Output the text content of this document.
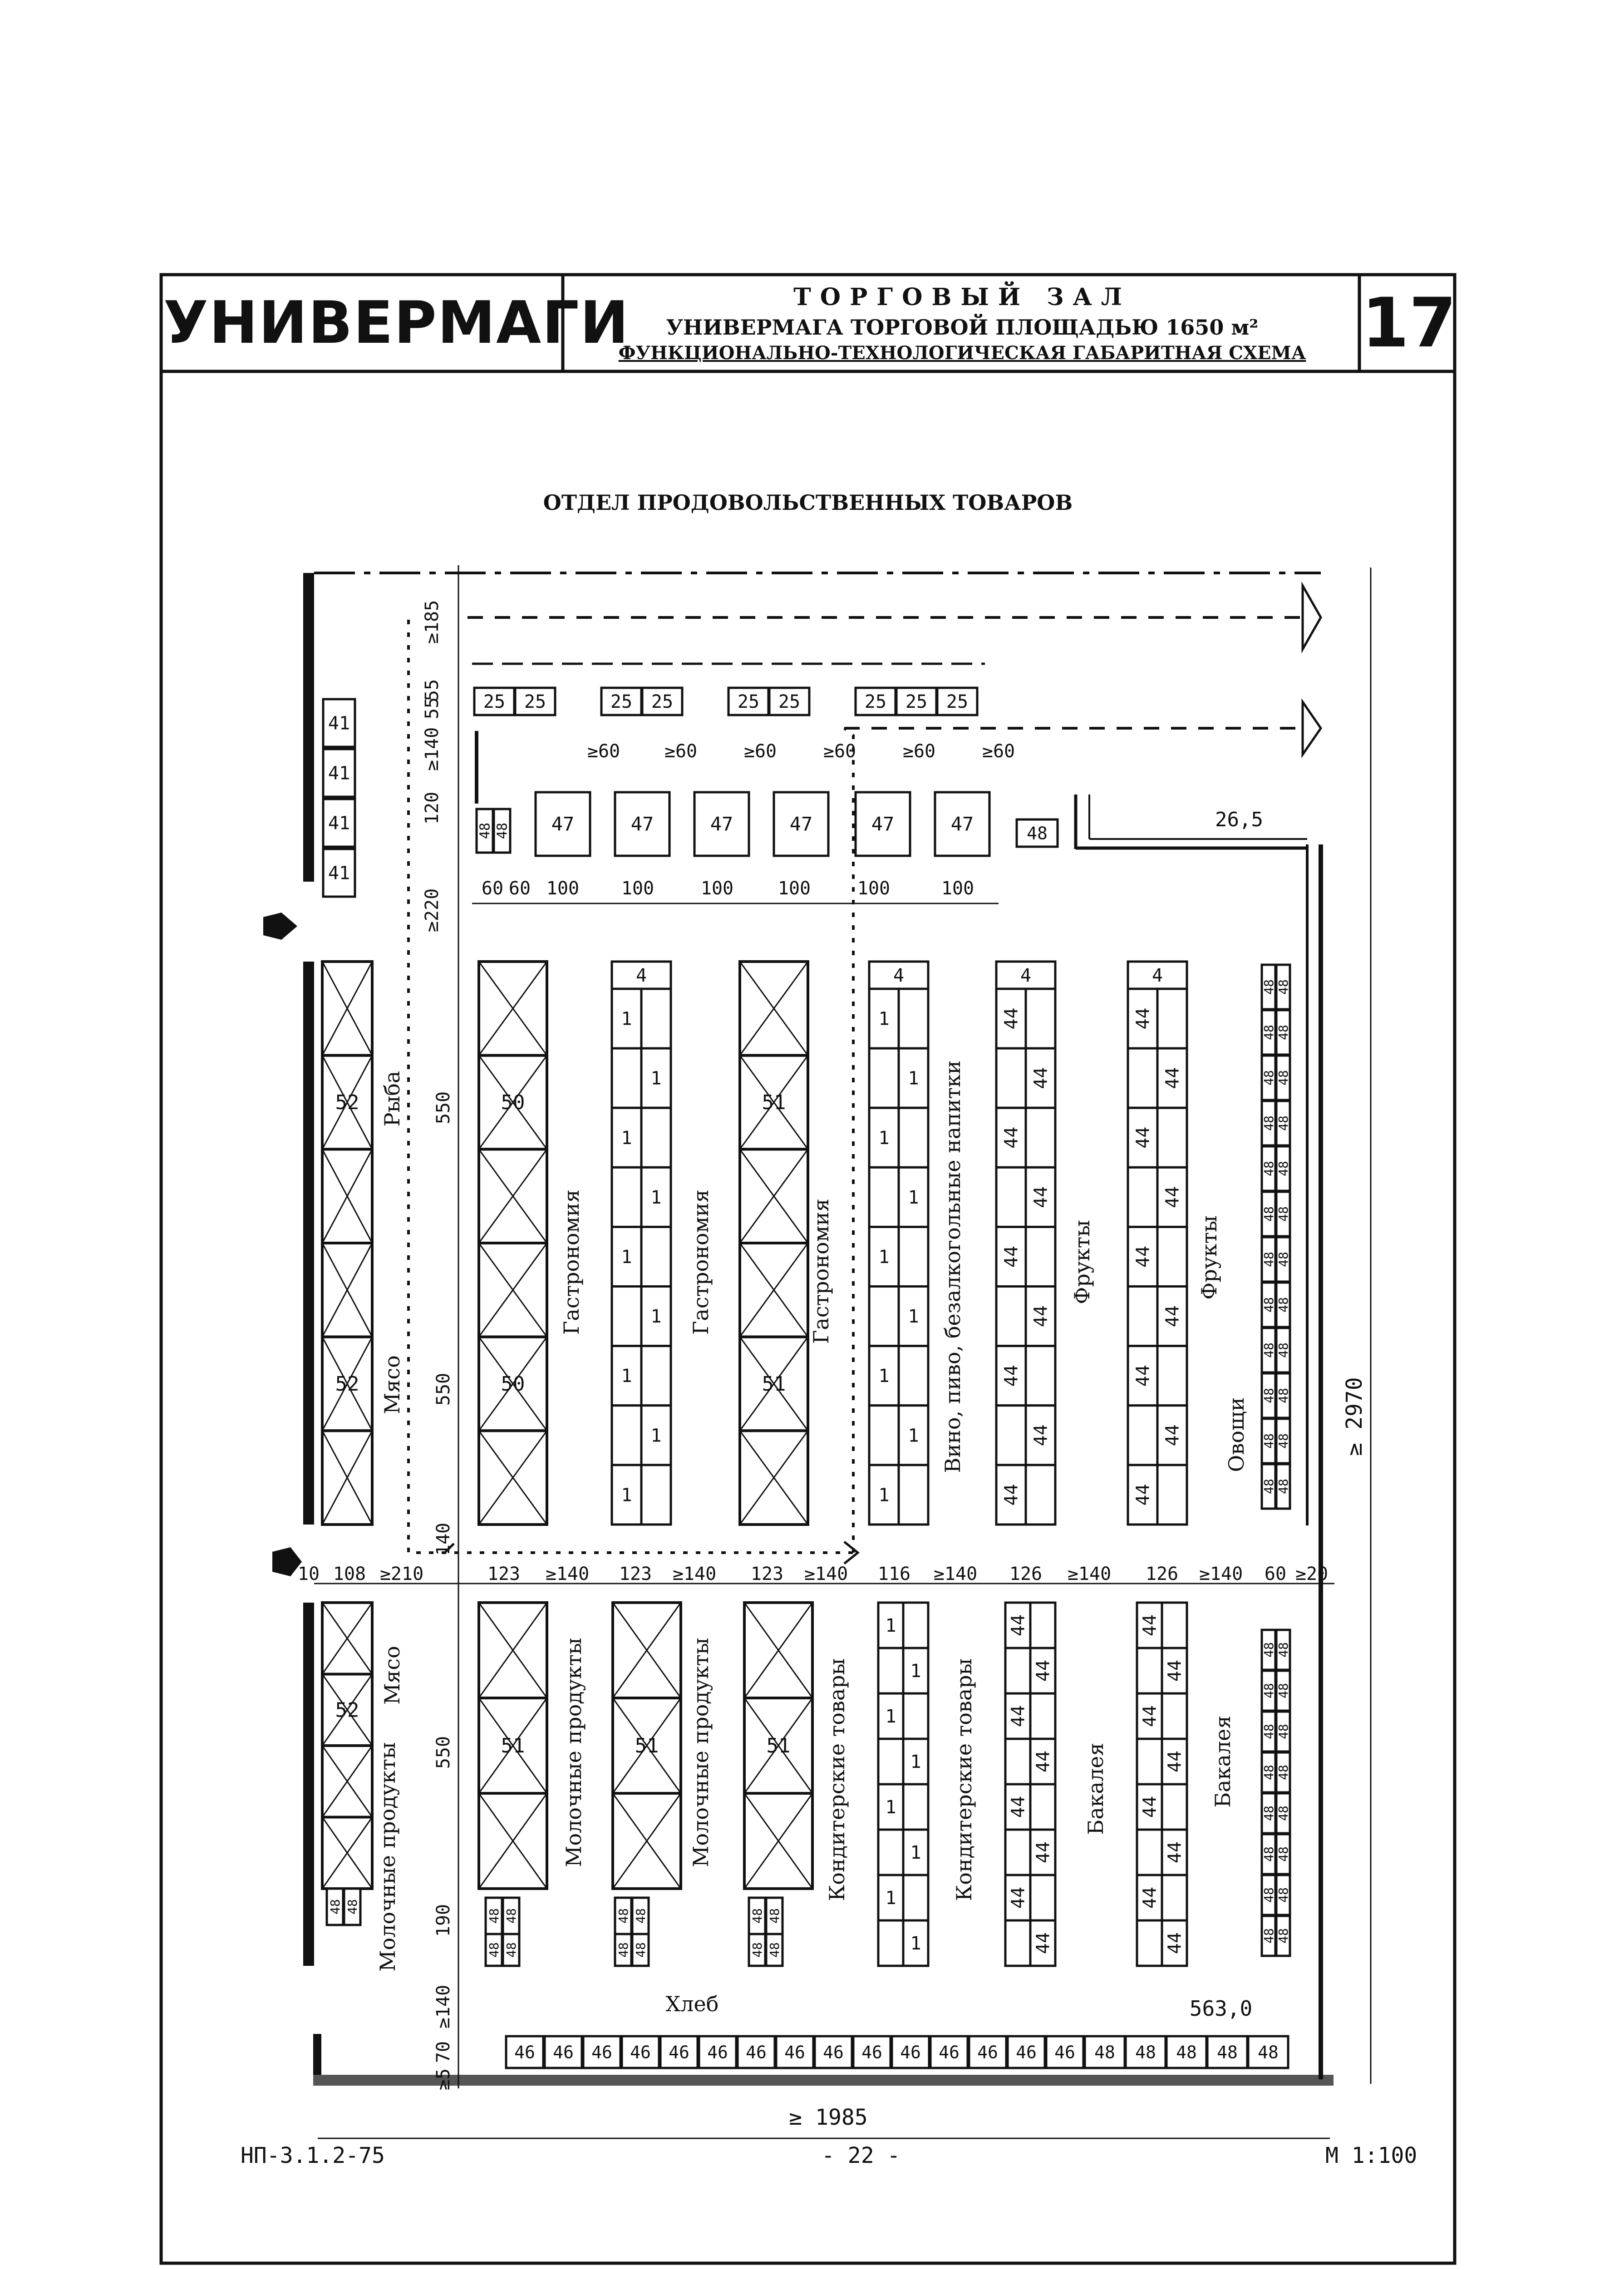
52
52
50
50
51
51
52
51	51	51
41
41
41
41
25 25	25 25	25 25	25 25 25
48 48 47	47	47	47	47	47	48
4
1
1
1
1
1
1
1
1
1
4
1
1
1
1
1
1
1
1
1
4
44
44
44
44
44
44
44
44
44
4
44
44
44
44
44
44
44
44
44
48
48
48
48
48
48
48
48
48
48
48
48
48
48
48
48
48
48
48
48
48
48
48
48
48 48
48 48
48 48
48 48
48 48
48 48
48 48
1
1
1
1
1
1
1
1
44
44
44
44
44
44
44
44
44
44
44
44
44
44
44
44
48
48
48
48
48
48
48
48
48
48
48
48
48
48
48
48
46 46 46 46 46 46 46 46 46 46 46 46 46 46 46 48 48 48 48 48
≥60 ≥60	≥60	≥60	≥60	≥60
26,5
60 60 100 100	100 100	100	100
Рыба
Мясо
Гастрономия	Гастрономия	Гастрономия	Вино, пиво, безалкогольные напитки	Фрукты	Фрукты
Овощи
Мясо
Молочные продукты	Молочные продукты	Молочные продукты	Кондитерские товары	Кондитерские товары	Бакалея	Бакалея
Хлеб
≥185
55
55
≥140
120
≥220
550
550
140
550
190
≥140
70
≥5
10 108 ≥210	123 ≥140 123 ≥140 123 ≥140 116 ≥140 126 ≥140 126 ≥140 60 ≥20
≥ 1985
≥ 2970
563,0
УНИВЕРМАГИ	ТОРГОВЫЙ ЗАЛ
УНИВЕРМАГА ТОРГОВОЙ ПЛОЩАДЬЮ 1650 м²
ФУНКЦИОНАЛЬНО-ТЕХНОЛОГИЧЕСКАЯ ГАБАРИТНАЯ СХЕМА 17
ОТДЕЛ ПРОДОВОЛЬСТВЕННЫХ ТОВАРОВ
НП-3.1.2-75	- 22 -	М 1:100
